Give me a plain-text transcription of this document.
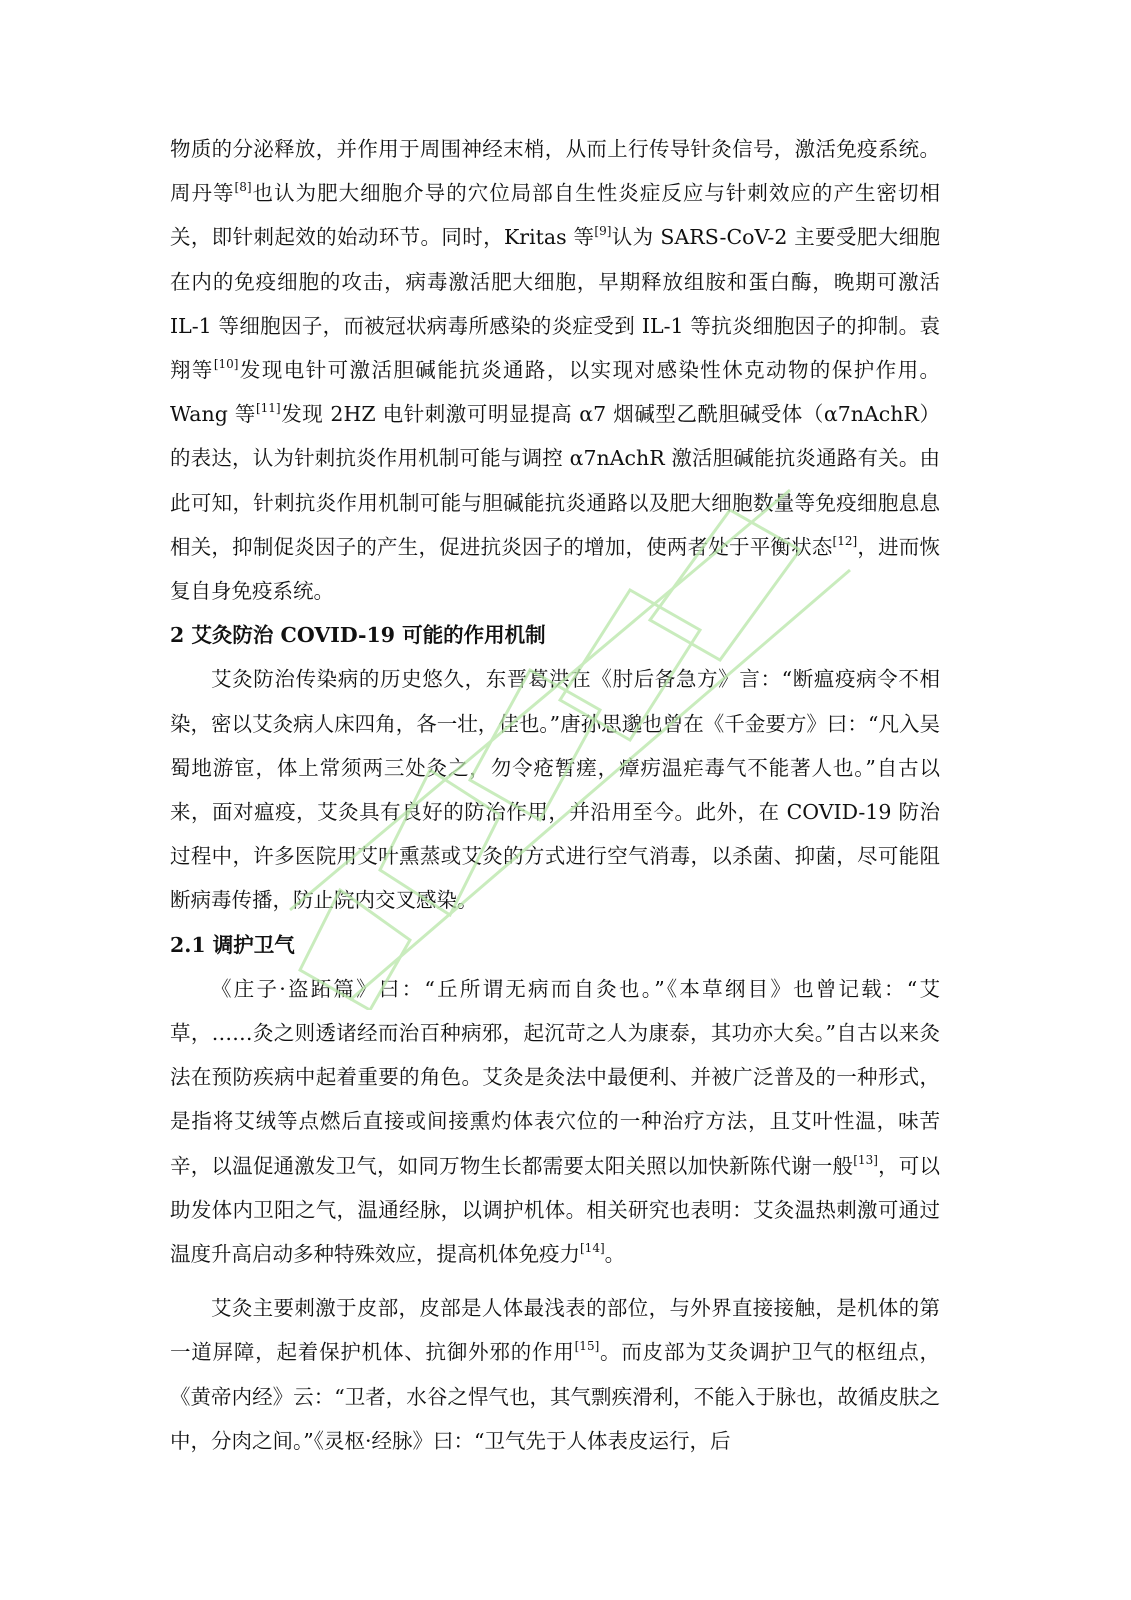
物质的分泌释放，并作用于周围神经末梢，从而上行传导针灸信号，激活免疫系统。周丹等[8]也认为肥大细胞介导的穴位局部自生性炎症反应与针刺效应的产生密切相关，即针刺起效的始动环节。同时，Kritas 等[9]认为 SARS-CoV-2 主要受肥大细胞在内的免疫细胞的攻击，病毒激活肥大细胞，早期释放组胺和蛋白酶，晚期可激活 IL-1 等细胞因子，而被冠状病毒所感染的炎症受到 IL-1 等抗炎细胞因子的抑制。袁翔等[10]发现电针可激活胆碱能抗炎通路，以实现对感染性休克动物的保护作用。Wang 等[11]发现 2HZ 电针刺激可明显提高 α7 烟碱型乙酰胆碱受体（α7nAchR）的表达，认为针刺抗炎作用机制可能与调控 α7nAchR 激活胆碱能抗炎通路有关。由此可知，针刺抗炎作用机制可能与胆碱能抗炎通路以及肥大细胞数量等免疫细胞息息相关，抑制促炎因子的产生，促进抗炎因子的增加，使两者处于平衡状态[12]，进而恢复自身免疫系统。

2 艾灸防治 COVID-19 可能的作用机制

艾灸防治传染病的历史悠久，东晋葛洪在《肘后备急方》言：“断瘟疫病令不相染，密以艾灸病人床四角，各一壮，佳也。”唐孙思邈也曾在《千金要方》曰：“凡入吴蜀地游宦，体上常须两三处灸之，勿令疮暂瘥，瘴疠温疟毒气不能著人也。”自古以来，面对瘟疫，艾灸具有良好的防治作用，并沿用至今。此外，在 COVID-19 防治过程中，许多医院用艾叶熏蒸或艾灸的方式进行空气消毒，以杀菌、抑菌，尽可能阻断病毒传播，防止院内交叉感染。

2.1 调护卫气

《庄子·盗跖篇》曰：“丘所谓无病而自灸也。”《本草纲目》也曾记载：“艾草，……灸之则透诸经而治百种病邪，起沉苛之人为康泰，其功亦大矣。”自古以来灸法在预防疾病中起着重要的角色。艾灸是灸法中最便利、并被广泛普及的一种形式，是指将艾绒等点燃后直接或间接熏灼体表穴位的一种治疗方法，且艾叶性温，味苦辛，以温促通激发卫气，如同万物生长都需要太阳关照以加快新陈代谢一般[13]，可以助发体内卫阳之气，温通经脉，以调护机体。相关研究也表明：艾灸温热刺激可通过温度升高启动多种特殊效应，提高机体免疫力[14]。

艾灸主要刺激于皮部，皮部是人体最浅表的部位，与外界直接接触，是机体的第一道屏障，起着保护机体、抗御外邪的作用[15]。而皮部为艾灸调护卫气的枢纽点，《黄帝内经》云：“卫者，水谷之悍气也，其气剽疾滑利，不能入于脉也，故循皮肤之中，分肉之间。”《灵枢·经脉》曰：“卫气先于人体表皮运行，后
